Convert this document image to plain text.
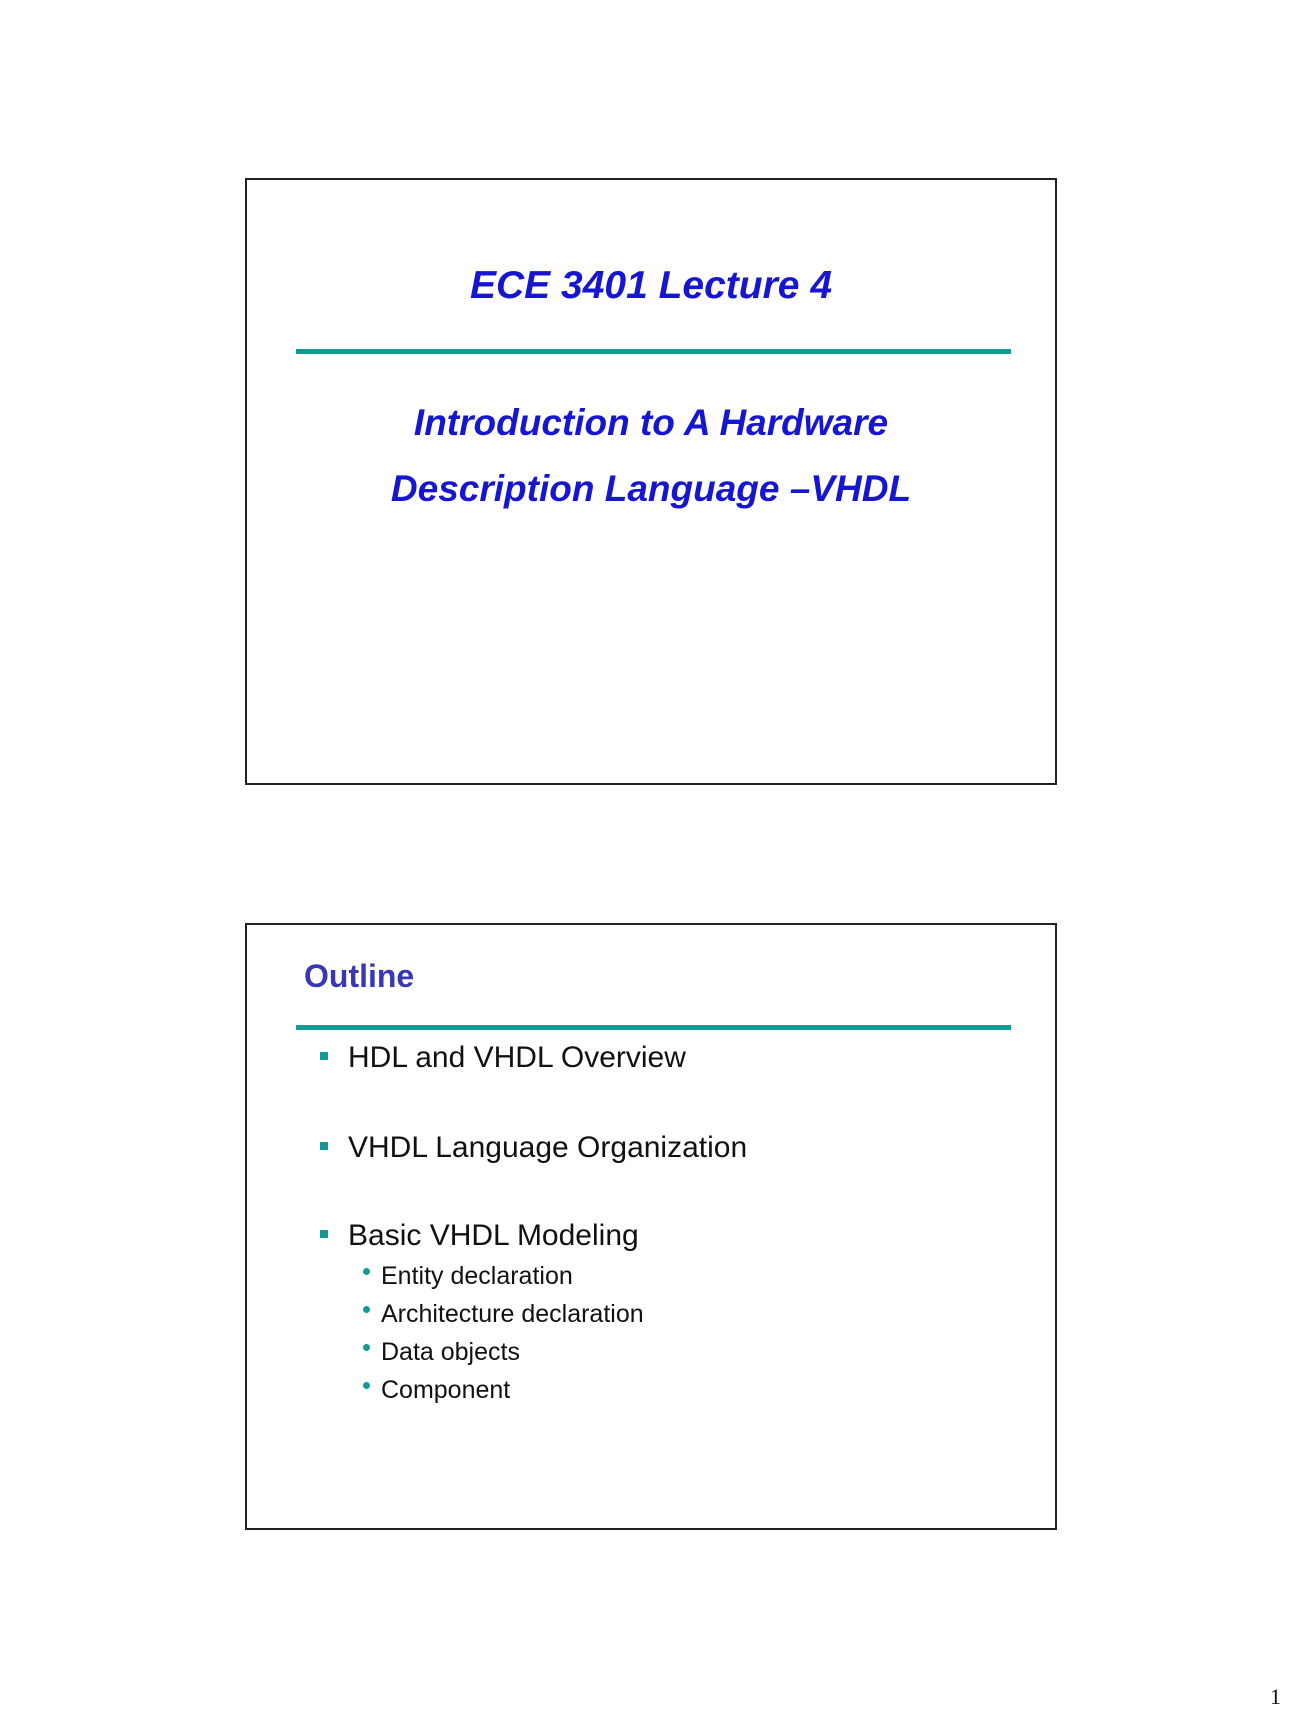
ECE 3401 Lecture 4
Introduction to A Hardware
Description Language –VHDL
Outline
HDL and VHDL Overview
VHDL Language Organization
Basic VHDL Modeling
Entity declaration
Architecture declaration
Data objects
Component
1
